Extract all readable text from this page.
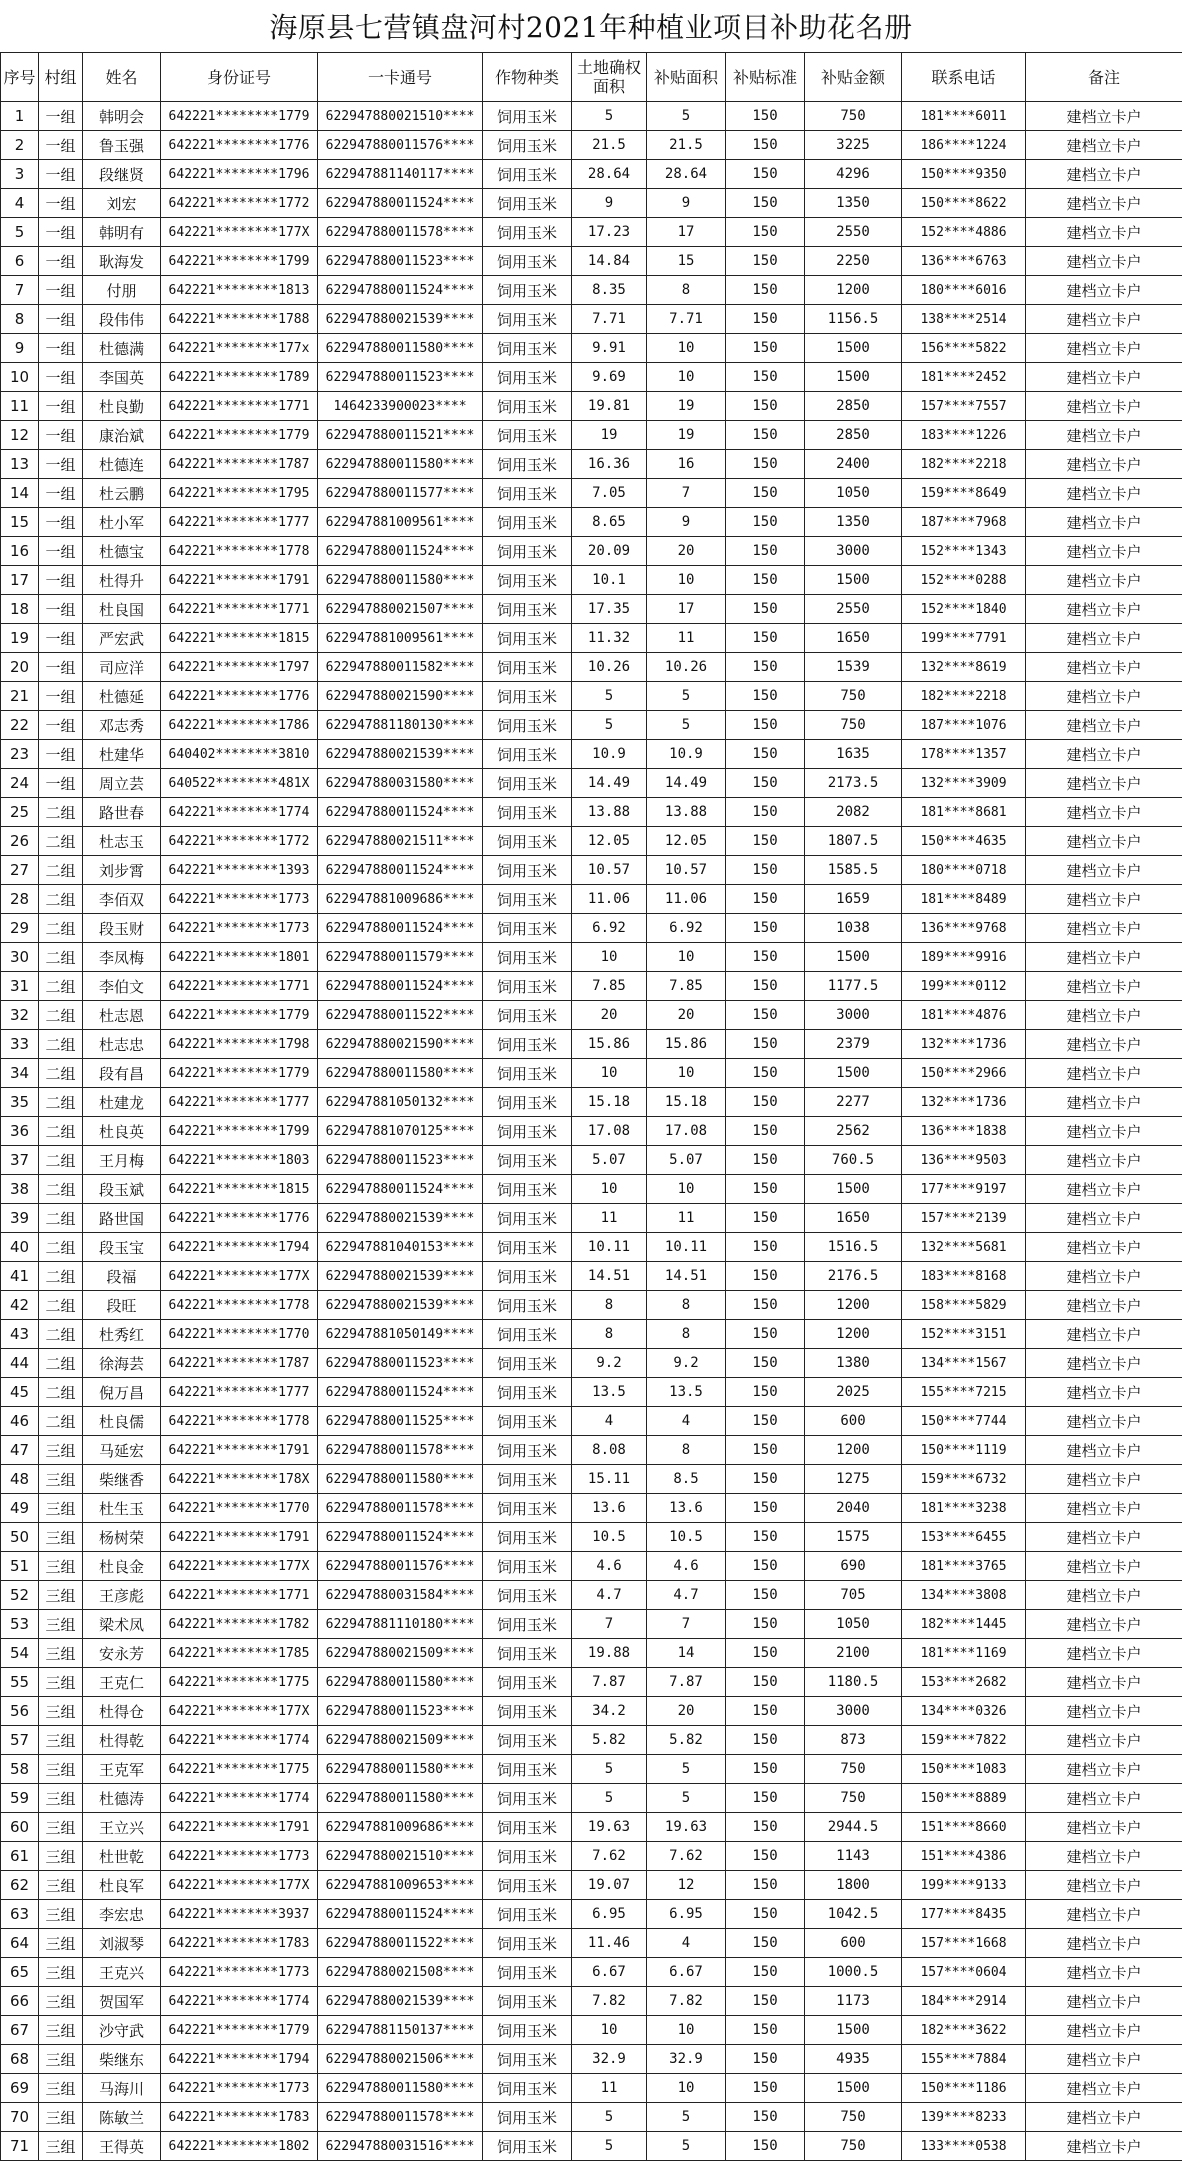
海原县七营镇盘河村2021年种植业项目补助花名册
序号	村组	姓名	身份证号	一卡通号	作物种类	土地确权面积	补贴面积	补贴标准	补贴金额	联系电话	备注
1	一组	韩明会	642221********1779	622947880021510****	饲用玉米	5	5	150	750	181****6011	建档立卡户
2	一组	鲁玉强	642221********1776	622947880011576****	饲用玉米	21.5	21.5	150	3225	186****1224	建档立卡户
3	一组	段继贤	642221********1796	622947881140117****	饲用玉米	28.64	28.64	150	4296	150****9350	建档立卡户
4	一组	刘宏	642221********1772	622947880011524****	饲用玉米	9	9	150	1350	150****8622	建档立卡户
5	一组	韩明有	642221********177X	622947880011578****	饲用玉米	17.23	17	150	2550	152****4886	建档立卡户
6	一组	耿海发	642221********1799	622947880011523****	饲用玉米	14.84	15	150	2250	136****6763	建档立卡户
7	一组	付朋	642221********1813	622947880011524****	饲用玉米	8.35	8	150	1200	180****6016	建档立卡户
8	一组	段伟伟	642221********1788	622947880021539****	饲用玉米	7.71	7.71	150	1156.5	138****2514	建档立卡户
9	一组	杜德满	642221********177x	622947880011580****	饲用玉米	9.91	10	150	1500	156****5822	建档立卡户
10	一组	李国英	642221********1789	622947880011523****	饲用玉米	9.69	10	150	1500	181****2452	建档立卡户
11	一组	杜良勤	642221********1771	1464233900023****	饲用玉米	19.81	19	150	2850	157****7557	建档立卡户
12	一组	康治斌	642221********1779	622947880011521****	饲用玉米	19	19	150	2850	183****1226	建档立卡户
13	一组	杜德连	642221********1787	622947880011580****	饲用玉米	16.36	16	150	2400	182****2218	建档立卡户
14	一组	杜云鹏	642221********1795	622947880011577****	饲用玉米	7.05	7	150	1050	159****8649	建档立卡户
15	一组	杜小军	642221********1777	622947881009561****	饲用玉米	8.65	9	150	1350	187****7968	建档立卡户
16	一组	杜德宝	642221********1778	622947880011524****	饲用玉米	20.09	20	150	3000	152****1343	建档立卡户
17	一组	杜得升	642221********1791	622947880011580****	饲用玉米	10.1	10	150	1500	152****0288	建档立卡户
18	一组	杜良国	642221********1771	622947880021507****	饲用玉米	17.35	17	150	2550	152****1840	建档立卡户
19	一组	严宏武	642221********1815	622947881009561****	饲用玉米	11.32	11	150	1650	199****7791	建档立卡户
20	一组	司应洋	642221********1797	622947880011582****	饲用玉米	10.26	10.26	150	1539	132****8619	建档立卡户
21	一组	杜德延	642221********1776	622947880021590****	饲用玉米	5	5	150	750	182****2218	建档立卡户
22	一组	邓志秀	642221********1786	622947881180130****	饲用玉米	5	5	150	750	187****1076	建档立卡户
23	一组	杜建华	640402********3810	622947880021539****	饲用玉米	10.9	10.9	150	1635	178****1357	建档立卡户
24	一组	周立芸	640522********481X	622947880031580****	饲用玉米	14.49	14.49	150	2173.5	132****3909	建档立卡户
25	二组	路世春	642221********1774	622947880011524****	饲用玉米	13.88	13.88	150	2082	181****8681	建档立卡户
26	二组	杜志玉	642221********1772	622947880021511****	饲用玉米	12.05	12.05	150	1807.5	150****4635	建档立卡户
27	二组	刘步霄	642221********1393	622947880011524****	饲用玉米	10.57	10.57	150	1585.5	180****0718	建档立卡户
28	二组	李佰双	642221********1773	622947881009686****	饲用玉米	11.06	11.06	150	1659	181****8489	建档立卡户
29	二组	段玉财	642221********1773	622947880011524****	饲用玉米	6.92	6.92	150	1038	136****9768	建档立卡户
30	二组	李凤梅	642221********1801	622947880011579****	饲用玉米	10	10	150	1500	189****9916	建档立卡户
31	二组	李伯文	642221********1771	622947880011524****	饲用玉米	7.85	7.85	150	1177.5	199****0112	建档立卡户
32	二组	杜志恩	642221********1779	622947880011522****	饲用玉米	20	20	150	3000	181****4876	建档立卡户
33	二组	杜志忠	642221********1798	622947880021590****	饲用玉米	15.86	15.86	150	2379	132****1736	建档立卡户
34	二组	段有昌	642221********1779	622947880011580****	饲用玉米	10	10	150	1500	150****2966	建档立卡户
35	二组	杜建龙	642221********1777	622947881050132****	饲用玉米	15.18	15.18	150	2277	132****1736	建档立卡户
36	二组	杜良英	642221********1799	622947881070125****	饲用玉米	17.08	17.08	150	2562	136****1838	建档立卡户
37	二组	王月梅	642221********1803	622947880011523****	饲用玉米	5.07	5.07	150	760.5	136****9503	建档立卡户
38	二组	段玉斌	642221********1815	622947880011524****	饲用玉米	10	10	150	1500	177****9197	建档立卡户
39	二组	路世国	642221********1776	622947880021539****	饲用玉米	11	11	150	1650	157****2139	建档立卡户
40	二组	段玉宝	642221********1794	622947881040153****	饲用玉米	10.11	10.11	150	1516.5	132****5681	建档立卡户
41	二组	段福	642221********177X	622947880021539****	饲用玉米	14.51	14.51	150	2176.5	183****8168	建档立卡户
42	二组	段旺	642221********1778	622947880021539****	饲用玉米	8	8	150	1200	158****5829	建档立卡户
43	二组	杜秀红	642221********1770	622947881050149****	饲用玉米	8	8	150	1200	152****3151	建档立卡户
44	二组	徐海芸	642221********1787	622947880011523****	饲用玉米	9.2	9.2	150	1380	134****1567	建档立卡户
45	二组	倪万昌	642221********1777	622947880011524****	饲用玉米	13.5	13.5	150	2025	155****7215	建档立卡户
46	二组	杜良儒	642221********1778	622947880011525****	饲用玉米	4	4	150	600	150****7744	建档立卡户
47	三组	马延宏	642221********1791	622947880011578****	饲用玉米	8.08	8	150	1200	150****1119	建档立卡户
48	三组	柴继香	642221********178X	622947880011580****	饲用玉米	15.11	8.5	150	1275	159****6732	建档立卡户
49	三组	杜生玉	642221********1770	622947880011578****	饲用玉米	13.6	13.6	150	2040	181****3238	建档立卡户
50	三组	杨树荣	642221********1791	622947880011524****	饲用玉米	10.5	10.5	150	1575	153****6455	建档立卡户
51	三组	杜良金	642221********177X	622947880011576****	饲用玉米	4.6	4.6	150	690	181****3765	建档立卡户
52	三组	王彦彪	642221********1771	622947880031584****	饲用玉米	4.7	4.7	150	705	134****3808	建档立卡户
53	三组	梁术凤	642221********1782	622947881110180****	饲用玉米	7	7	150	1050	182****1445	建档立卡户
54	三组	安永芳	642221********1785	622947880021509****	饲用玉米	19.88	14	150	2100	181****1169	建档立卡户
55	三组	王克仁	642221********1775	622947880011580****	饲用玉米	7.87	7.87	150	1180.5	153****2682	建档立卡户
56	三组	杜得仓	642221********177X	622947880011523****	饲用玉米	34.2	20	150	3000	134****0326	建档立卡户
57	三组	杜得乾	642221********1774	622947880021509****	饲用玉米	5.82	5.82	150	873	159****7822	建档立卡户
58	三组	王克军	642221********1775	622947880011580****	饲用玉米	5	5	150	750	150****1083	建档立卡户
59	三组	杜德涛	642221********1774	622947880011580****	饲用玉米	5	5	150	750	150****8889	建档立卡户
60	三组	王立兴	642221********1791	622947881009686****	饲用玉米	19.63	19.63	150	2944.5	151****8660	建档立卡户
61	三组	杜世乾	642221********1773	622947880021510****	饲用玉米	7.62	7.62	150	1143	151****4386	建档立卡户
62	三组	杜良军	642221********177X	622947881009653****	饲用玉米	19.07	12	150	1800	199****9133	建档立卡户
63	三组	李宏忠	642221********3937	622947880011524****	饲用玉米	6.95	6.95	150	1042.5	177****8435	建档立卡户
64	三组	刘淑琴	642221********1783	622947880011522****	饲用玉米	11.46	4	150	600	157****1668	建档立卡户
65	三组	王克兴	642221********1773	622947880021508****	饲用玉米	6.67	6.67	150	1000.5	157****0604	建档立卡户
66	三组	贺国军	642221********1774	622947880021539****	饲用玉米	7.82	7.82	150	1173	184****2914	建档立卡户
67	三组	沙守武	642221********1779	622947881150137****	饲用玉米	10	10	150	1500	182****3622	建档立卡户
68	三组	柴继东	642221********1794	622947880021506****	饲用玉米	32.9	32.9	150	4935	155****7884	建档立卡户
69	三组	马海川	642221********1773	622947880011580****	饲用玉米	11	10	150	1500	150****1186	建档立卡户
70	三组	陈敏兰	642221********1783	622947880011578****	饲用玉米	5	5	150	750	139****8233	建档立卡户
71	三组	王得英	642221********1802	622947880031516****	饲用玉米	5	5	150	750	133****0538	建档立卡户
